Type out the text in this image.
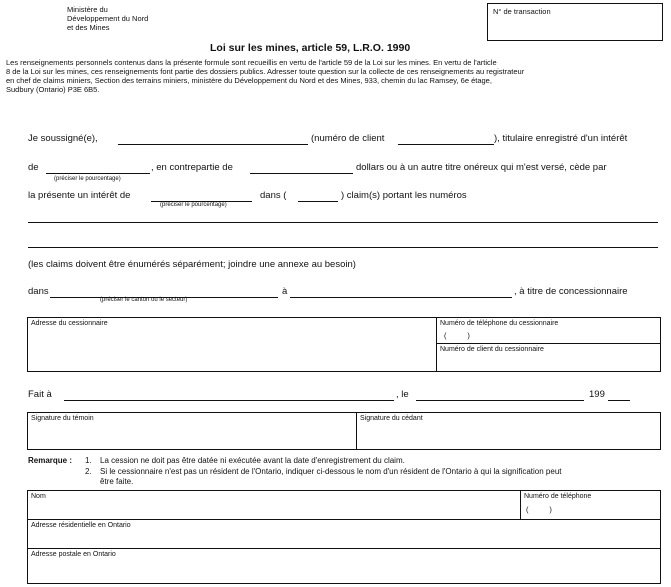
Ministère du
Développement du Nord
et des Mines
N° de transaction
Loi sur les mines, article 59, L.R.O. 1990
Les renseignements personnels contenus dans la présente formule sont recueillis en vertu de l'article 59 de la Loi sur les mines. En vertu de l'article
8 de la Loi sur les mines, ces renseignements font partie des dossiers publics. Adresser toute question sur la collecte de ces renseignements au registrateur
en chef de claims miniers, Section des terrains miniers, ministère du Développement du Nord et des Mines, 933, chemin du lac Ramsey, 6e étage,
Sudbury (Ontario) P3E 6B5.
Je soussigné(e),	(numéro de client	), titulaire enregistré d'un intérêt
de
(préciser le pourcentage)
, en contrepartie de	dollars ou à un autre titre onéreux qui m'est versé, cède par
la présente un intérêt de
(préciser le pourcentage)
dans (	) claim(s) portant les numéros
(les claims doivent être énumérés séparément; joindre une annexe au besoin)
dans
(préciser le canton ou le secteur)
à	, à titre de concessionnaire
Adresse du cessionnaire	Numéro de téléphone du cessionnaire
(          )
Numéro de client du cessionnaire
Fait à	, le	199
Signature du témoin	Signature du cédant
Remarque : 1. La cession ne doit pas être datée ni exécutée avant la date d'enregistrement du claim.
2. Si le cessionnaire n'est pas un résident de l'Ontario, indiquer ci-dessous le nom d'un résident de l'Ontario à qui la signification peut
être faite.
Nom	Numéro de téléphone
(          )
Adresse résidentielle en Ontario
Adresse postale en Ontario
